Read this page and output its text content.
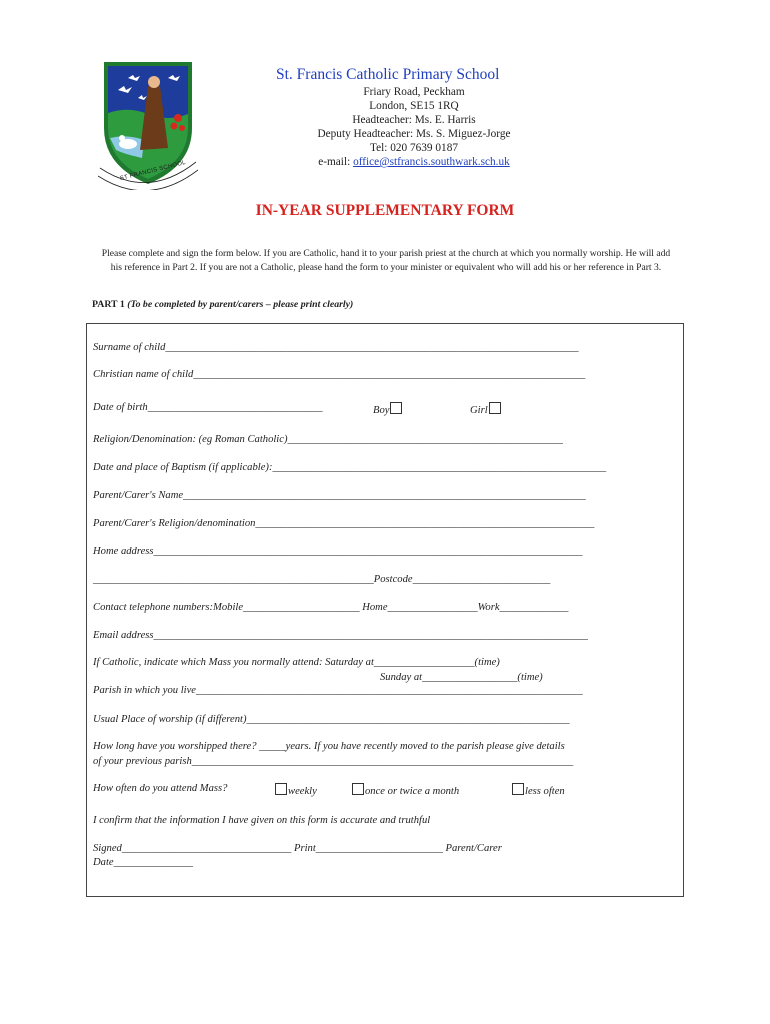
ST FRANCIS SCHOOL
St. Francis Catholic Primary School
Friary Road, Peckham
London, SE15 1RQ
Headteacher: Ms. E. Harris
Deputy Headteacher: Ms. S. Miguez-Jorge
Tel: 020 7639 0187
e-mail: office@stfrancis.southwark.sch.uk
IN-YEAR SUPPLEMENTARY FORM
Please complete and sign the form below. If you are Catholic, hand it to your parish priest at the church at which you normally worship. He will add his reference in Part 2. If you are not a Catholic, please hand the form to your minister or equivalent who will add his or her reference in Part 3.
PART 1 (To be completed by parent/carers – please print clearly)
Surname of child______________________________________________________________________________
Christian name of child__________________________________________________________________________
Date of birth_________________________________	Boy	Girl
Religion/Denomination: (eg Roman Catholic)____________________________________________________
Date and place of Baptism (if applicable):_______________________________________________________________
Parent/Carer's Name____________________________________________________________________________
Parent/Carer's Religion/denomination________________________________________________________________
Home address_________________________________________________________________________________
_____________________________________________________Postcode__________________________
Contact telephone numbers:Mobile______________________ Home_________________Work_____________
Email address__________________________________________________________________________________
If Catholic, indicate which Mass you normally attend: Saturday at___________________(time)
Sunday at__________________(time)
Parish in which you live_________________________________________________________________________
Usual Place of worship (if different)_____________________________________________________________
How long have you worshipped there? _____years. If you have recently moved to the parish please give details
of your previous parish________________________________________________________________________
How often do you attend Mass?	weekly	once or twice a month	less often
I confirm that the information I have given on this form is accurate and truthful
Signed________________________________ Print________________________ Parent/Carer
Date_______________
